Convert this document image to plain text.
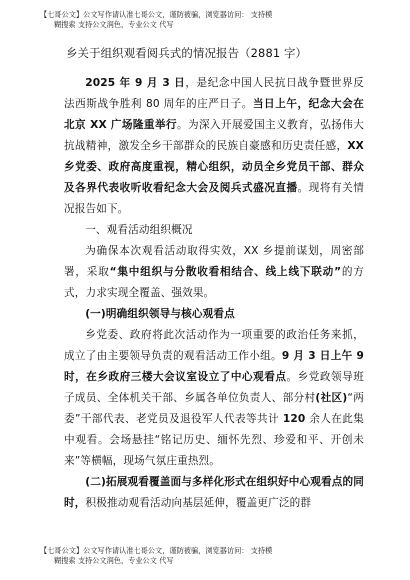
【七哥公文】公文写作请认准七哥公文，谨防被骗，浏览器访问： 支持模
糊搜索 支持公文润色，专业公文 代写

乡关于组织观看阅兵式的情况报告（2881 字）

2025 年 9 月 3 日，是纪念中国人民抗日战争暨世界反法西斯战争胜利 80 周年的庄严日子。当日上午，纪念大会在北京 XX 广场隆重举行。为深入开展爱国主义教育，弘扬伟大抗战精神，激发全乡干部群众的民族自豪感和历史责任感，XX 乡党委、政府高度重视，精心组织，动员全乡党员干部、群众及各界代表收听收看纪念大会及阅兵式盛况直播。现将有关情况报告如下。

一、观看活动组织概况

为确保本次观看活动取得实效，XX 乡提前谋划，周密部署，采取“集中组织与分散收看相结合、线上线下联动”的方式，力求实现全覆盖、强效果。

(一)明确组织领导与核心观看点

乡党委、政府将此次活动作为一项重要的政治任务来抓，成立了由主要领导负责的观看活动工作小组。9 月 3 日上午 9 时，在乡政府三楼大会议室设立了中心观看点。乡党政领导班子成员、全体机关干部、乡属各单位负责人、部分村(社区)“两委”干部代表、老党员及退役军人代表等共计 120 余人在此集中观看。会场悬挂“铭记历史、缅怀先烈、珍爱和平、开创未来”等横幅，现场气氛庄重热烈。

(二)拓展观看覆盖面与多样化形式在组织好中心观看点的同时，积极推动观看活动向基层延伸，覆盖更广泛的群

【七哥公文】公文写作请认准七哥公文，谨防被骗，浏览器访问： 支持模
糊搜索 支持公文润色，专业公文 代写
